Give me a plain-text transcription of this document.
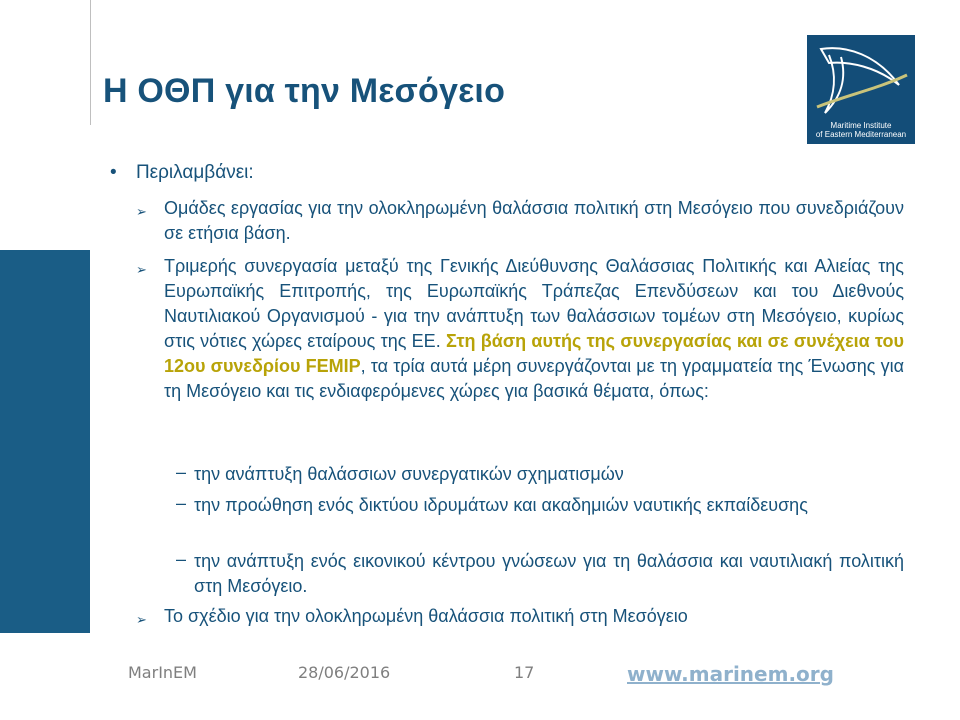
Η ΟΘΠ για την Μεσόγειο
Maritime Institute
of Eastern Mediterranean
• Περιλαμβάνει:
➢ Ομάδες εργασίας για την ολοκληρωμένη θαλάσσια πολιτική στη Μεσόγειο που συνεδριάζουν σε ετήσια βάση.

➢ Τριμερής συνεργασία μεταξύ της Γενικής Διεύθυνσης Θαλάσσιας Πολιτικής και Αλιείας της Ευρωπαϊκής Επιτροπής, της Ευρωπαϊκής Τράπεζας Επενδύσεων και του Διεθνούς Ναυτιλιακού Οργανισμού - για την ανάπτυξη των θαλάσσιων τομέων στη Μεσόγειο, κυρίως στις νότιες χώρες εταίρους της ΕΕ. Στη βάση αυτής της συνεργασίας και σε συνέχεια του 12ου συνεδρίου FEMIP, τα τρία αυτά μέρη συνεργάζονται με τη γραμματεία της Ένωσης για τη Μεσόγειο και τις ενδιαφερόμενες χώρες για βασικά θέματα, όπως:

– την ανάπτυξη θαλάσσιων συνεργατικών σχηματισμών

– την προώθηση ενός δικτύου ιδρυμάτων και ακαδημιών ναυτικής εκπαίδευσης

– την ανάπτυξη ενός εικονικού κέντρου γνώσεων για τη θαλάσσια και ναυτιλιακή πολιτική στη Μεσόγειο.

➢ Το σχέδιο για την ολοκληρωμένη θαλάσσια πολιτική στη Μεσόγειο

MarInEM	28/06/2016	17	www.marinem.org
